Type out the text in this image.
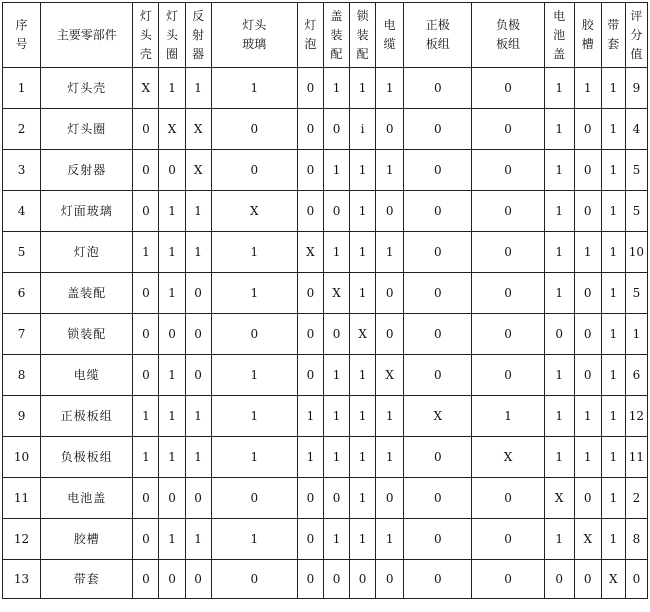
序
号	主要零部件	灯
头
壳	灯
头
圈	反
射
器	灯头
玻璃	灯
泡	盖
装
配	锁
装
配	电
缆	正极
板组	负极
板组	电
池
盖	胶
槽	带
套	评
分
值
1	灯头壳	X	1	1	1	0	1	1	1	0	0	1	1	1	9
2	灯头圈	0	X	X	0	0	0	i	0	0	0	1	0	1	4
3	反射器	0	0	X	0	0	1	1	1	0	0	1	0	1	5
4	灯面玻璃	0	1	1	X	0	0	1	0	0	0	1	0	1	5
5	灯泡	1	1	1	1	X	1	1	1	0	0	1	1	1	10
6	盖装配	0	1	0	1	0	X	1	0	0	0	1	0	1	5
7	锁装配	0	0	0	0	0	0	X	0	0	0	0	0	1	1
8	电缆	0	1	0	1	0	1	1	X	0	0	1	0	1	6
9	正极板组	1	1	1	1	1	1	1	1	X	1	1	1	1	12
10	负极板组	1	1	1	1	1	1	1	1	0	X	1	1	1	11
11	电池盖	0	0	0	0	0	0	1	0	0	0	X	0	1	2
12	胶槽	0	1	1	1	0	1	1	1	0	0	1	X	1	8
13	带套	0	0	0	0	0	0	0	0	0	0	0	0	X	0
